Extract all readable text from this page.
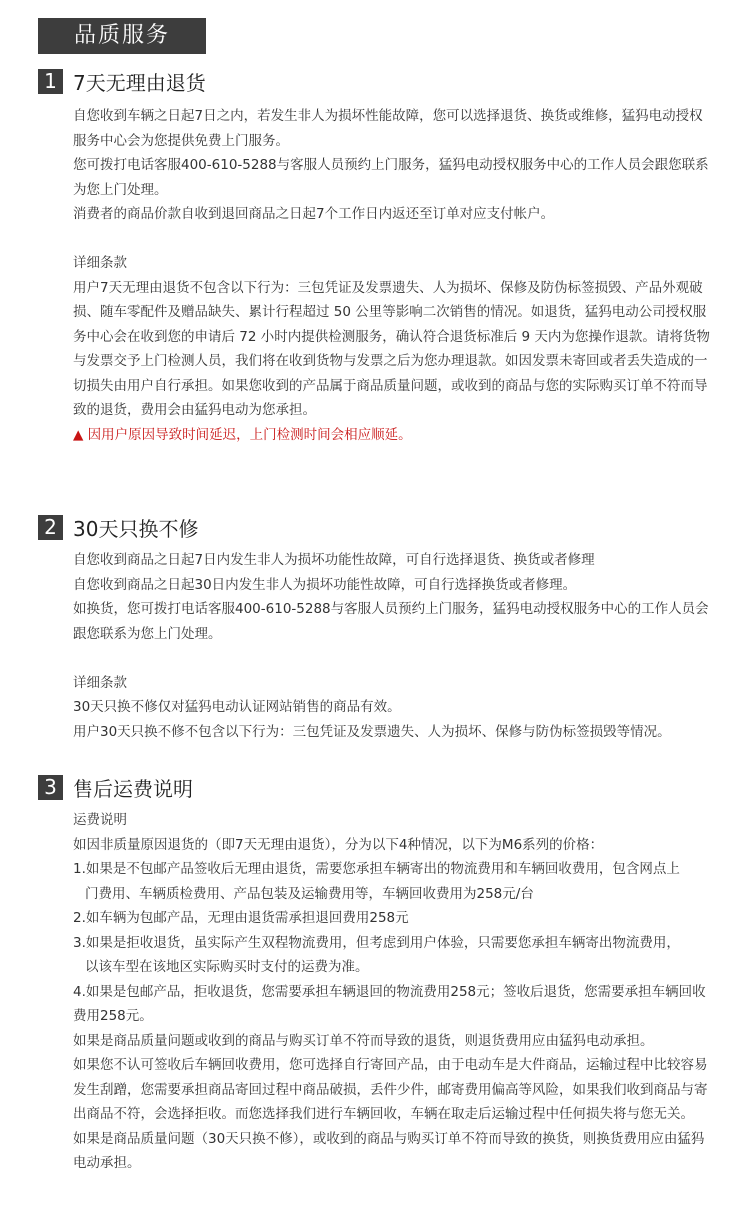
品质服务
1 7天无理由退货

自您收到车辆之日起7日之内，若发生非人为损坏性能故障，您可以选择退货、换货或维修，猛犸电动授权服务中心会为您提供免费上门服务。

您可拨打电话客服400-610-5288与客服人员预约上门服务，猛犸电动授权服务中心的工作人员会跟您联系为您上门处理。

消费者的商品价款自收到退回商品之日起7个工作日内返还至订单对应支付帐户。

详细条款

用户7天无理由退货不包含以下行为：三包凭证及发票遗失、人为损坏、保修及防伪标签损毁、产品外观破损、随车零配件及赠品缺失、累计行程超过 50 公里等影响二次销售的情况。如退货，猛犸电动公司授权服务中心会在收到您的申请后 72 小时内提供检测服务，确认符合退货标准后 9 天内为您操作退款。请将货物与发票交予上门检测人员，我们将在收到货物与发票之后为您办理退款。如因发票未寄回或者丢失造成的一切损失由用户自行承担。如果您收到的产品属于商品质量问题，或收到的商品与您的实际购买订单不符而导致的退货，费用会由猛犸电动为您承担。

▲ 因用户原因导致时间延迟，上门检测时间会相应顺延。

2 30天只换不修

自您收到商品之日起7日内发生非人为损坏功能性故障，可自行选择退货、换货或者修理

自您收到商品之日起30日内发生非人为损坏功能性故障，可自行选择换货或者修理。

如换货，您可拨打电话客服400-610-5288与客服人员预约上门服务，猛犸电动授权服务中心的工作人员会跟您联系为您上门处理。

详细条款

30天只换不修仅对猛犸电动认证网站销售的商品有效。

用户30天只换不修不包含以下行为：三包凭证及发票遗失、人为损坏、保修与防伪标签损毁等情况。

3 售后运费说明

运费说明

如因非质量原因退货的（即7天无理由退货），分为以下4种情况，以下为M6系列的价格：

1.如果是不包邮产品签收后无理由退货，需要您承担车辆寄出的物流费用和车辆回收费用，包含网点上

门费用、车辆质检费用、产品包装及运输费用等，车辆回收费用为258元/台

2.如车辆为包邮产品，无理由退货需承担退回费用258元

3.如果是拒收退货，虽实际产生双程物流费用，但考虑到用户体验，只需要您承担车辆寄出物流费用，

以该车型在该地区实际购买时支付的运费为准。

4.如果是包邮产品，拒收退货，您需要承担车辆退回的物流费用258元；签收后退货，您需要承担车辆回收费用258元。

如果是商品质量问题或收到的商品与购买订单不符而导致的退货，则退货费用应由猛犸电动承担。

如果您不认可签收后车辆回收费用，您可选择自行寄回产品，由于电动车是大件商品，运输过程中比较容易发生刮蹭，您需要承担商品寄回过程中商品破损，丢件少件，邮寄费用偏高等风险，如果我们收到商品与寄出商品不符，会选择拒收。而您选择我们进行车辆回收，车辆在取走后运输过程中任何损失将与您无关。

如果是商品质量问题（30天只换不修），或收到的商品与购买订单不符而导致的换货，则换货费用应由猛犸电动承担。
